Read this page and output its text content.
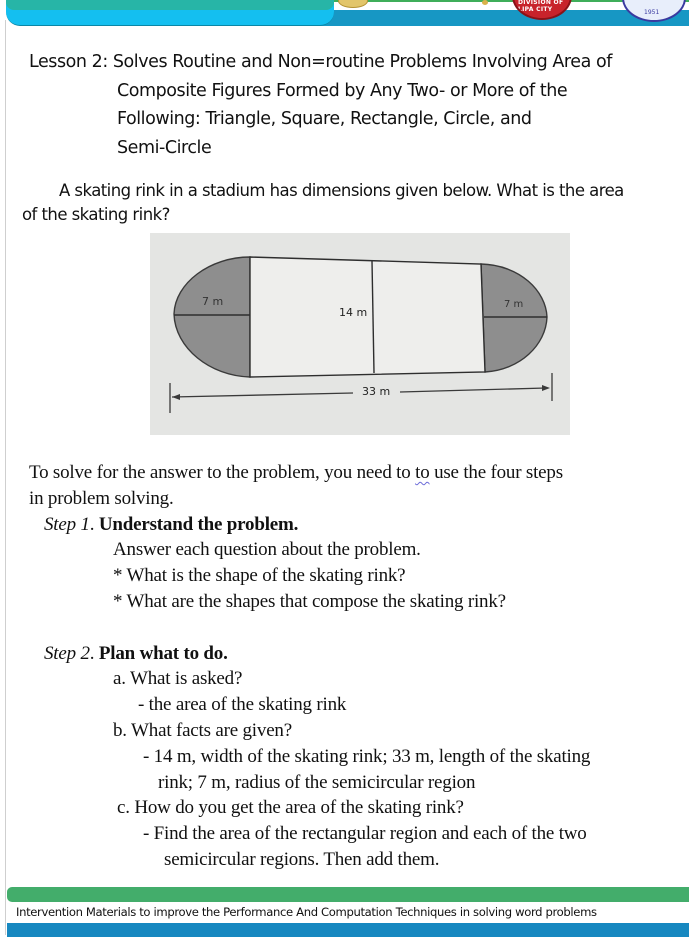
DIVISION OF LIPA CITY	1951
Lesson 2: Solves Routine and Non=routine Problems Involving Area of
Composite Figures Formed by Any Two- or More of the
Following: Triangle, Square, Rectangle, Circle, and
Semi-Circle
A skating rink in a stadium has dimensions given below. What is the area
of the skating rink?
7 m
14 m
7 m
33 m
To solve for the answer to the problem, you need to to use the four steps
in problem solving.
Step 1. Understand the problem.
Answer each question about the problem.
* What is the shape of the skating rink?
* What are the shapes that compose the skating rink?
Step 2. Plan what to do.
a. What is asked?
- the area of the skating rink
b. What facts are given?
- 14 m, width of the skating rink; 33 m, length of the skating
rink; 7 m, radius of the semicircular region
c. How do you get the area of the skating rink?
- Find the area of the rectangular region and each of the two
semicircular regions. Then add them.
Intervention Materials to improve the Performance And Computation Techniques in solving word problems
